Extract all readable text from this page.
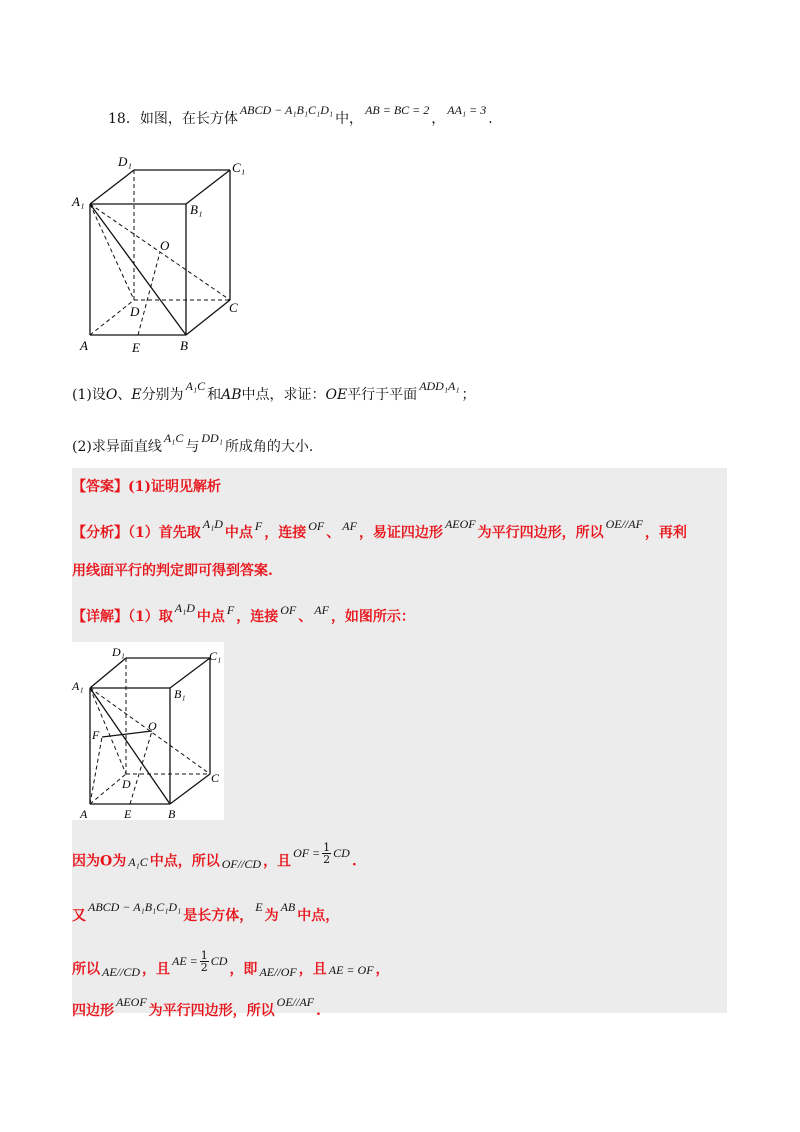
18．如图，在长方体ABCD − A₁B₁C₁D₁中，AB = BC = 2，AA₁ = 3.
D₁	C₁
A₁
B₁
O
D	C
A	E	B
(1)设O、E分别为A₁C和AB中点，求证：OE平行于平面ADD₁A₁；
(2)求异面直线A₁C与DD₁所成角的大小.
【答案】(1)证明见解析
【分析】（1）首先取A₁D中点 F ，连接 OF 、 AF ，易证四边形AEOF为平行四边形，所以OE//AF，再利
用线面平行的判定即可得到答案.
【详解】（1）取A₁D中点 F ，连接 OF 、 AF ，如图所示：
D₁	C₁
A₁
B₁
O
F
C
D
A	E	B
因为O为 A₁C 中点，所以 OF//CD ，且OF = $\frac{1}{2}$ CD.
又ABCD − A₁B₁C₁D₁是长方体，E为AB中点，
所以 AE//CD ，且AE = $\frac{1}{2}$ CD，即 AE//OF ，且 AE = OF ，
四边形AEOF为平行四边形，所以OE//AF.
